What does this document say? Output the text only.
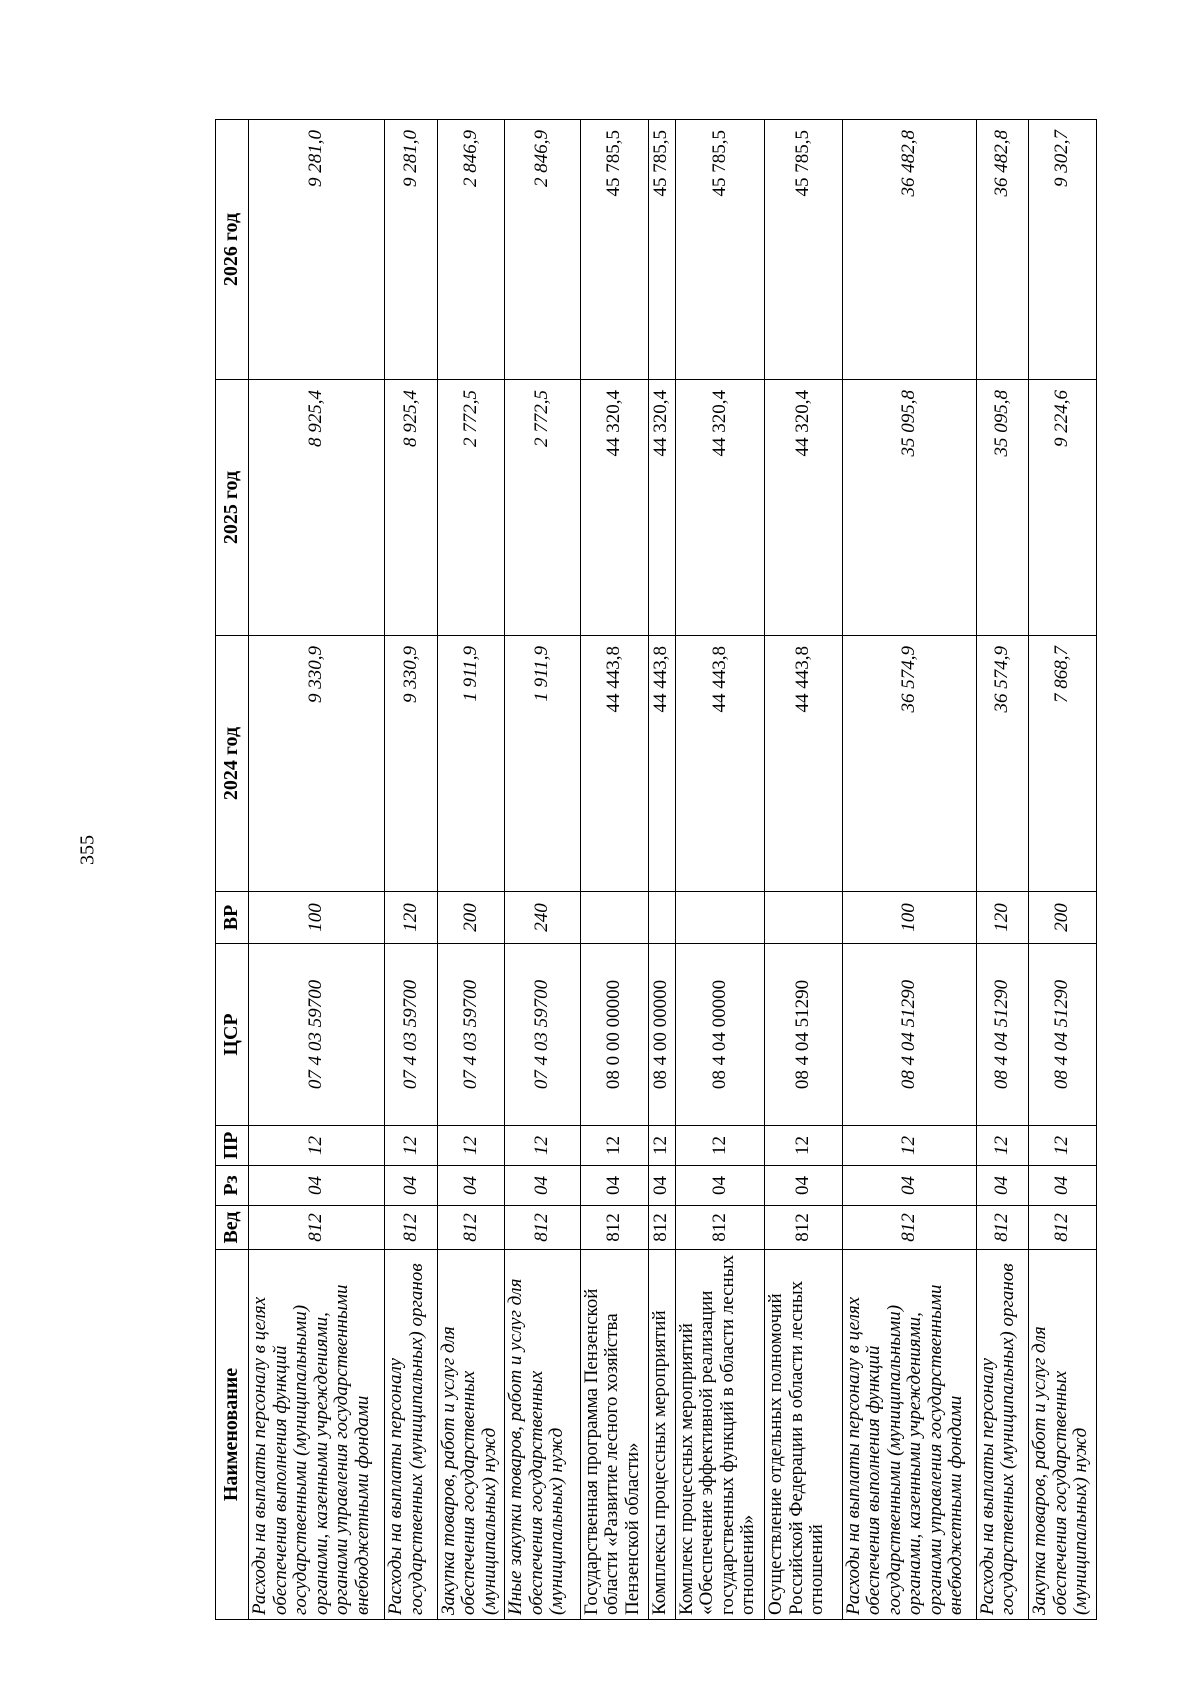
355
Наименование	Вед	Рз	ПР	ЦСР	ВР	2024 год	2025 год	2026 год
Расходы на выплаты персоналу в целях обеспечения выполнения функций государственными (муниципальными) органами, казенными учреждениями, органами управления государственными внебюджетными фондами	812	04	12	07 4 03 59700	100	9 330,9	8 925,4	9 281,0
Расходы на выплаты персоналу государственных (муниципальных) органов	812	04	12	07 4 03 59700	120	9 330,9	8 925,4	9 281,0
Закупка товаров, работ и услуг для обеспечения государственных (муниципальных) нужд	812	04	12	07 4 03 59700	200	1 911,9	2 772,5	2 846,9
Иные закупки товаров, работ и услуг для обеспечения государственных (муниципальных) нужд	812	04	12	07 4 03 59700	240	1 911,9	2 772,5	2 846,9
Государственная программа Пензенской области «Развитие лесного хозяйства Пензенской области»	812	04	12	08 0 00 00000		44 443,8	44 320,4	45 785,5
Комплексы процессных мероприятий	812	04	12	08 4 00 00000		44 443,8	44 320,4	45 785,5
Комплекс процессных мероприятий «Обеспечение эффективной реализации государственных функций в области лесных отношений»	812	04	12	08 4 04 00000		44 443,8	44 320,4	45 785,5
Осуществление отдельных полномочий Российской Федерации в области лесных отношений	812	04	12	08 4 04 51290		44 443,8	44 320,4	45 785,5
Расходы на выплаты персоналу в целях обеспечения выполнения функций государственными (муниципальными) органами, казенными учреждениями, органами управления государственными внебюджетными фондами	812	04	12	08 4 04 51290	100	36 574,9	35 095,8	36 482,8
Расходы на выплаты персоналу государственных (муниципальных) органов	812	04	12	08 4 04 51290	120	36 574,9	35 095,8	36 482,8
Закупка товаров, работ и услуг для обеспечения государственных (муниципальных) нужд	812	04	12	08 4 04 51290	200	7 868,7	9 224,6	9 302,7
